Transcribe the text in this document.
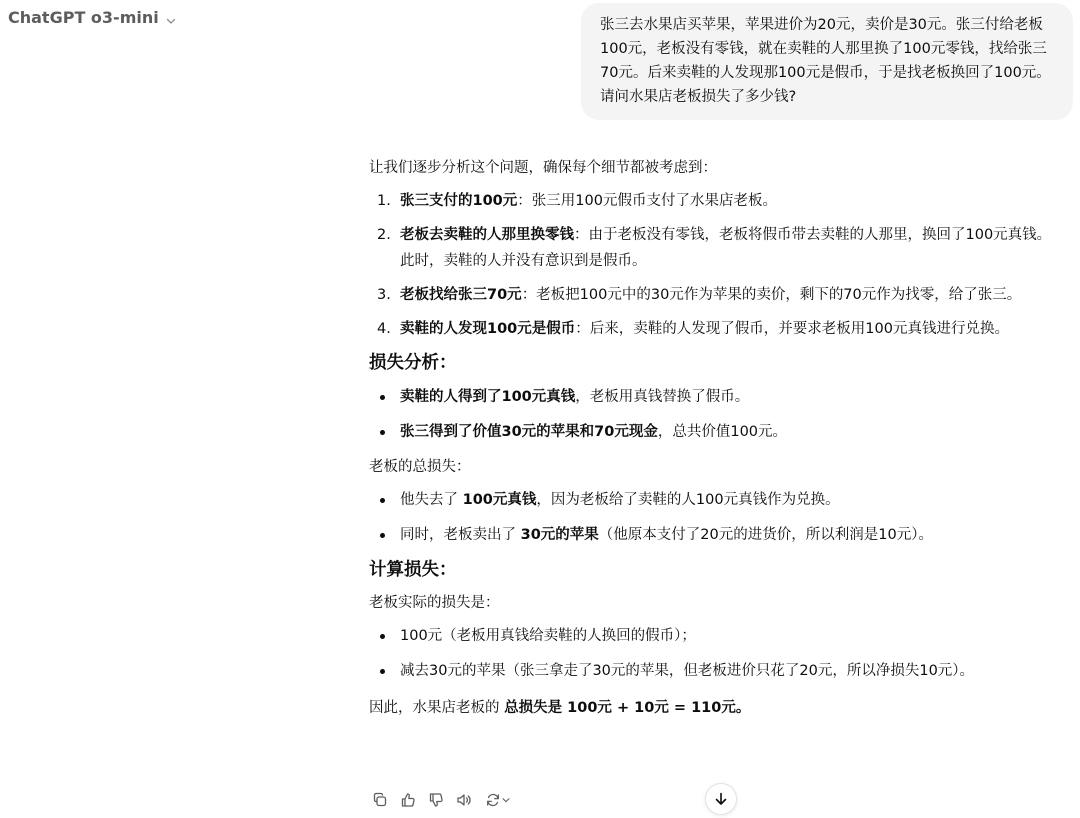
ChatGPT o3-mini	张三去水果店买苹果，苹果进价为20元，卖价是30元。张三付给老板100元，老板没有零钱，就在卖鞋的人那里换了100元零钱，找给张三70元。后来卖鞋的人发现那100元是假币，于是找老板换回了100元。请问水果店老板损失了多少钱?

让我们逐步分析这个问题，确保每个细节都被考虑到：

1. 张三支付的100元：张三用100元假币支付了水果店老板。
2. 老板去卖鞋的人那里换零钱：由于老板没有零钱，老板将假币带去卖鞋的人那里，换回了100元真钱。此时，卖鞋的人并没有意识到是假币。
3. 老板找给张三70元：老板把100元中的30元作为苹果的卖价，剩下的70元作为找零，给了张三。
4. 卖鞋的人发现100元是假币：后来，卖鞋的人发现了假币，并要求老板用100元真钱进行兑换。
损失分析：
卖鞋的人得到了100元真钱，老板用真钱替换了假币。
张三得到了价值30元的苹果和70元现金，总共价值100元。

老板的总损失：

他失去了 100元真钱，因为老板给了卖鞋的人100元真钱作为兑换。
同时，老板卖出了 30元的苹果（他原本支付了20元的进货价，所以利润是10元）。
计算损失：

老板实际的损失是：

100元（老板用真钱给卖鞋的人换回的假币）；
减去30元的苹果（张三拿走了30元的苹果，但老板进价只花了20元，所以净损失10元）。

因此，水果店老板的 总损失是 100元 + 10元 = 110元。
